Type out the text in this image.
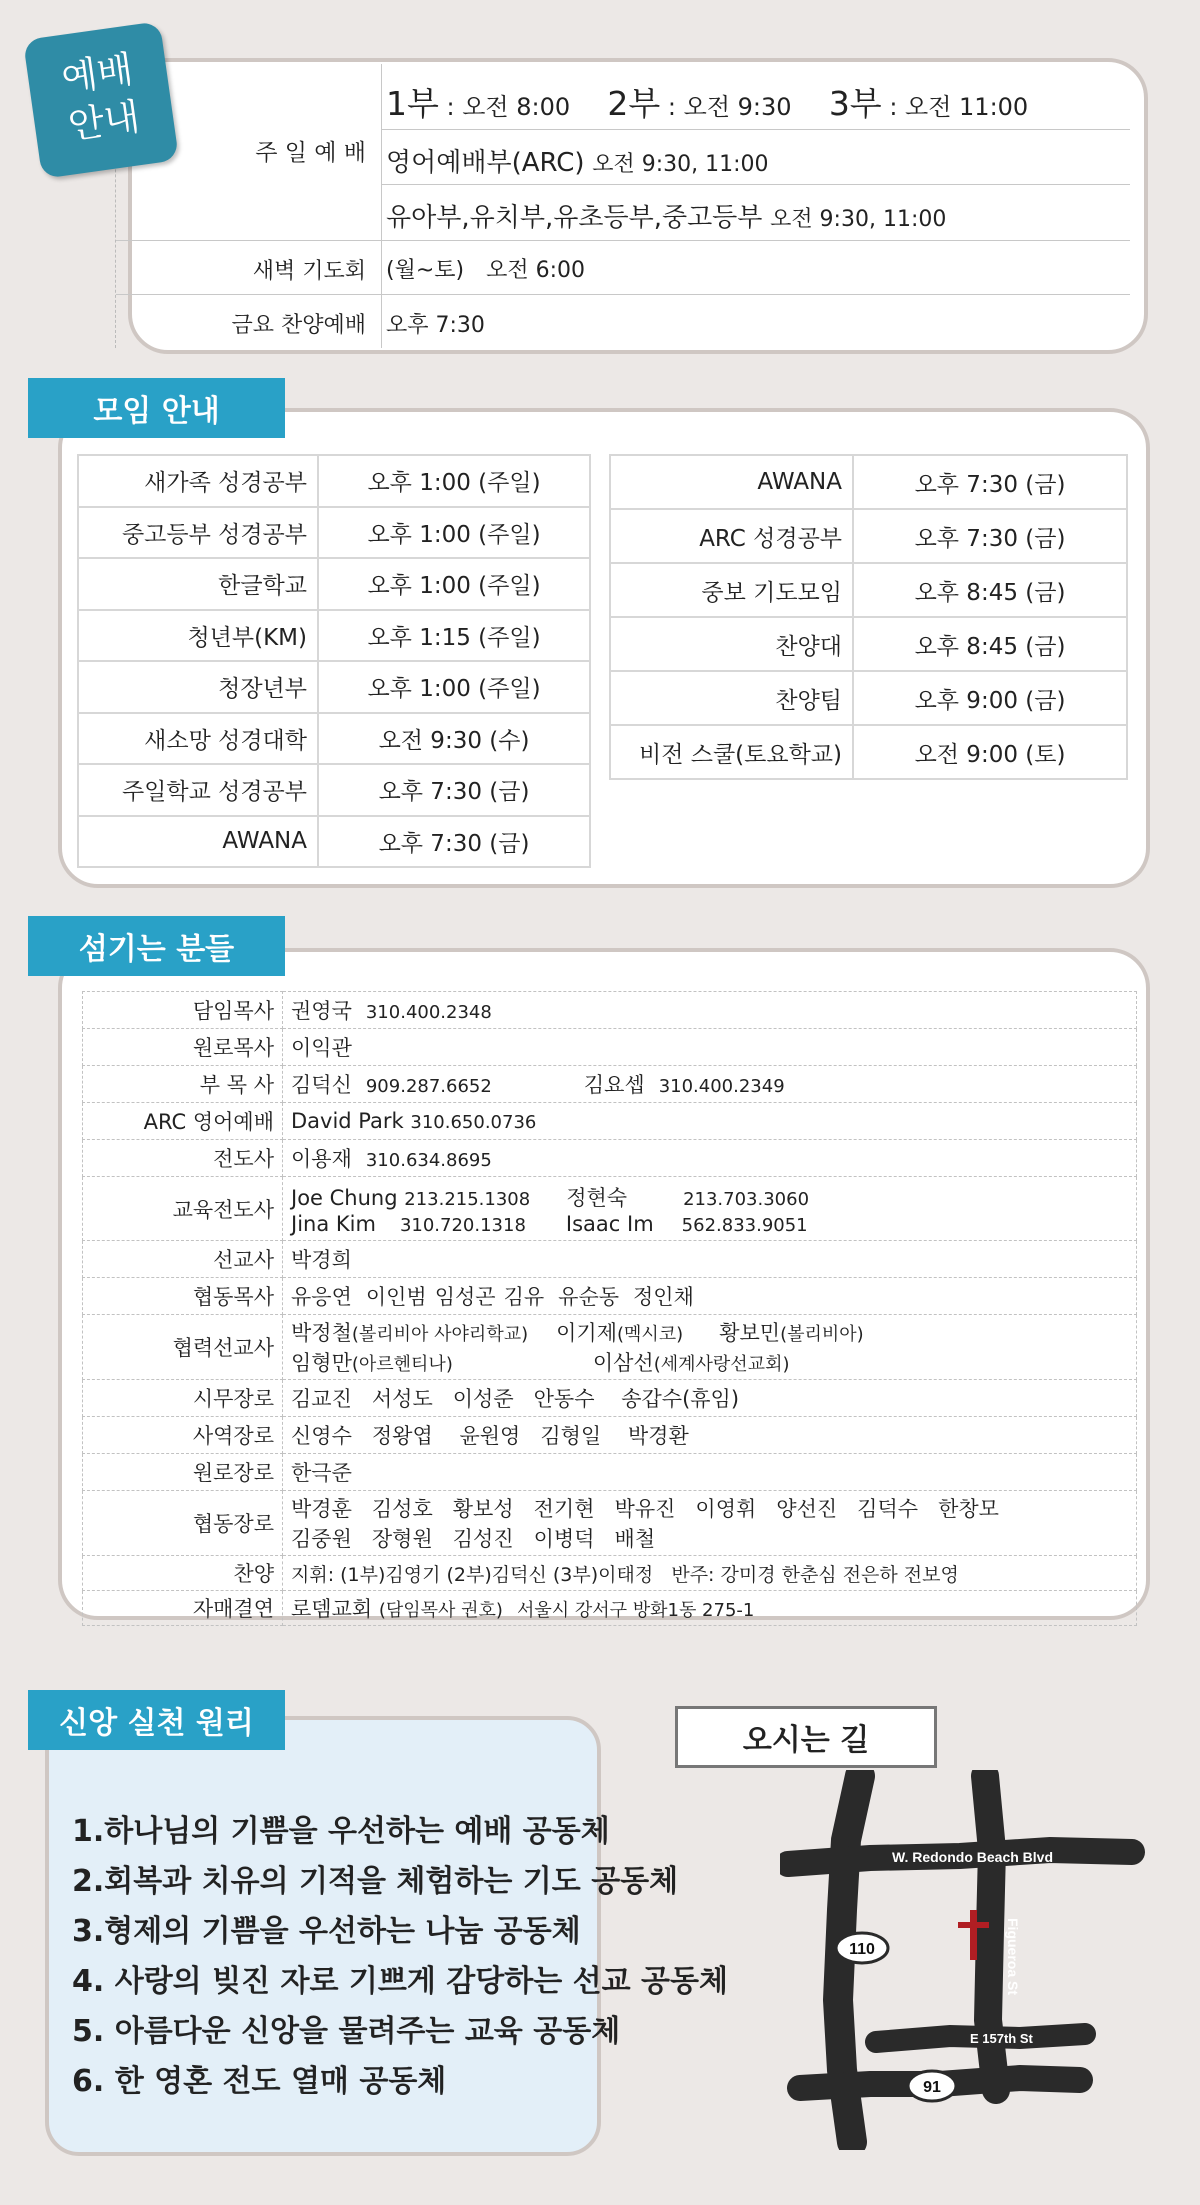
예배
안내
주 일 예 배
1부 : 오전 8:00 2부 : 오전 9:30 3부 : 오전 11:00
영어예배부(ARC) 오전 9:30, 11:00
유아부,유치부,유초등부,중고등부 오전 9:30, 11:00
새벽 기도회 (월~토) 오전 6:00
금요 찬양예배 오후 7:30
모임 안내
새가족 성경공부	오후 1:00 (주일)
중고등부 성경공부	오후 1:00 (주일)
한글학교	오후 1:00 (주일)
청년부(KM)	오후 1:15 (주일)
청장년부	오후 1:00 (주일)
새소망 성경대학	오전 9:30 (수)
주일학교 성경공부	오후 7:30 (금)
AWANA	오후 7:30 (금)
AWANA	오후 7:30 (금)
ARC 성경공부	오후 7:30 (금)
중보 기도모임	오후 8:45 (금)
찬양대	오후 8:45 (금)
찬양팀	오후 9:00 (금)
비전 스쿨(토요학교)	오전 9:00 (토)
섬기는 분들
담임목사	권영국 310.400.2348
원로목사	이익관
부 목 사	김덕신 909.287.6652 김요셉 310.400.2349
ARC 영어예배	David Park 310.650.0736
전도사	이용재 310.634.8695
교육전도사	Joe Chung 213.215.1308 정현숙 213.703.3060
Jina Kim 310.720.1318 Isaac Im 562.833.9051

선교사	박경희
협동목사	유응연 이인범 임성곤 김유 유순동 정인채
협력선교사	박정철(볼리비아 사야리학교) 이기제(멕시코) 황보민(볼리비아)
임형만(아르헨티나) 이삼선(세계사랑선교회)

시무장로	김교진   서성도   이성준   안동수    송갑수(휴임)
사역장로	신영수   정왕엽    윤원영   김형일    박경환
원로장로	한극준
협동장로	박경훈   김성호   황보성   전기현   박유진   이영휘   양선진   김덕수   한창모
김중원   장형원   김성진   이병덕   배철

찬양	지휘: (1부)김영기 (2부)김덕신 (3부)이태정   반주: 강미경 한춘심 전은하 전보영
자매결연	로뎀교회 (담임목사 권호) 서울시 강서구 방화1동 275-1
1.하나님의 기쁨을 우선하는 예배 공동체
2.회복과 치유의 기적을 체험하는 기도 공동체
3.형제의 기쁨을 우선하는 나눔 공동체
4. 사랑의 빚진 자로 기쁘게 감당하는 선교 공동체
5. 아름다운 신앙을 물려주는 교육 공동체
6. 한 영혼 전도 열매 공동체
신앙 실천 원리	오시는 길
W. Redondo Beach Blvd
Figueroa St
E 157th St
110
91
